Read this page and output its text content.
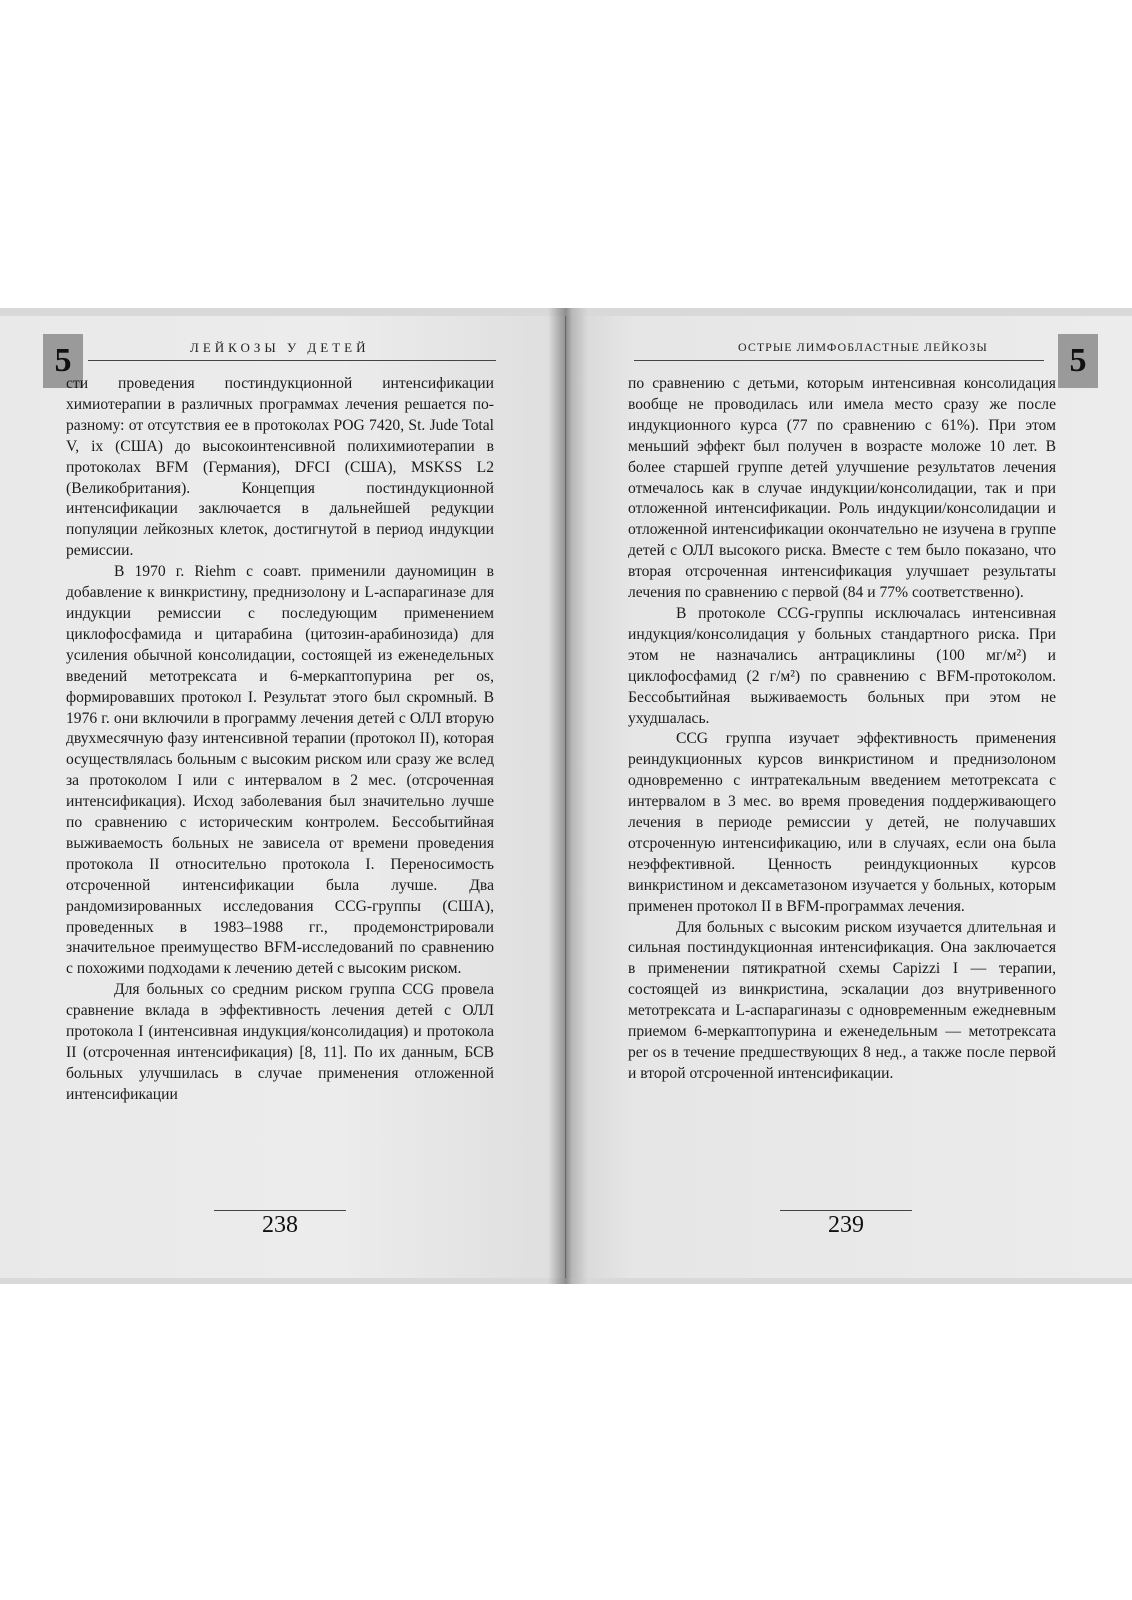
5	ЛЕЙКОЗЫ У ДЕТЕЙ	ОСТРЫЕ ЛИМФОБЛАСТНЫЕ ЛЕЙКОЗЫ	5

сти проведения постиндукционной интенсификации химиотерапии в различных программах лечения решается по-разному: от отсутствия ее в протоколах POG 7420, St. Jude Total V, ix (США) до высокоинтенсивной полихимиотерапии в протоколах BFM (Германия), DFCI (США), MSKSS L2 (Великобритания). Концепция постиндукционной интенсификации заключается в дальнейшей редукции популяции лейкозных клеток, достигнутой в период индукции ремиссии.

В 1970 г. Riehm с соавт. применили дауномицин в добавление к винкристину, преднизолону и L-аспарагиназе для индукции ремиссии с последующим применением циклофосфамида и цитарабина (цитозин-арабинозида) для усиления обычной консолидации, состоящей из еженедельных введений метотрексата и 6-меркаптопурина per os, формировавших протокол I. Результат этого был скромный. В 1976 г. они включили в программу лечения детей с ОЛЛ вторую двухмесячную фазу интенсивной терапии (протокол II), которая осуществлялась больным с высоким риском или сразу же вслед за протоколом I или с интервалом в 2 мес. (отсроченная интенсификация). Исход заболевания был значительно лучше по сравнению с историческим контролем. Бессобытийная выживаемость больных не зависела от времени проведения протокола II относительно протокола I. Переносимость отсроченной интенсификации была лучше. Два рандомизированных исследования CCG-группы (США), проведенных в 1983–1988 гг., продемонстрировали значительное преимущество BFM-исследований по сравнению с похожими подходами к лечению детей с высоким риском.

Для больных со средним риском группа CCG провела сравнение вклада в эффективность лечения детей с ОЛЛ протокола I (интенсивная индукция/консолидация) и протокола II (отсроченная интенсификация) [8, 11]. По их данным, БСВ больных улучшилась в случае применения отложенной интенсификации

по сравнению с детьми, которым интенсивная консолидация вообще не проводилась или имела место сразу же после индукционного курса (77 по сравнению с 61%). При этом меньший эффект был получен в возрасте моложе 10 лет. В более старшей группе детей улучшение результатов лечения отмечалось как в случае индукции/консолидации, так и при отложенной интенсификации. Роль индукции/консолидации и отложенной интенсификации окончательно не изучена в группе детей с ОЛЛ высокого риска. Вместе с тем было показано, что вторая отсроченная интенсификация улучшает результаты лечения по сравнению с первой (84 и 77% соответственно).

В протоколе CCG-группы исключалась интенсивная индукция/консолидация у больных стандартного риска. При этом не назначались антрациклины (100 мг/м²) и циклофосфамид (2 г/м²) по сравнению с BFM-протоколом. Бессобытийная выживаемость больных при этом не ухудшалась.

CCG группа изучает эффективность применения реиндукционных курсов винкристином и преднизолоном одновременно с интратекальным введением метотрексата с интервалом в 3 мес. во время проведения поддерживающего лечения в периоде ремиссии у детей, не получавших отсроченную интенсификацию, или в случаях, если она была неэффективной. Ценность реиндукционных курсов винкристином и дексаметазоном изучается у больных, которым применен протокол II в BFM-программах лечения.

Для больных с высоким риском изучается длительная и сильная постиндукционная интенсификация. Она заключается в применении пятикратной схемы Capizzi I — терапии, состоящей из винкристина, эскалации доз внутривенного метотрексата и L-аспарагиназы с одновременным ежедневным приемом 6-меркаптопурина и еженедельным — метотрексата per os в течение предшествующих 8 нед., а также после первой и второй отсроченной интенсификации.

238	239
